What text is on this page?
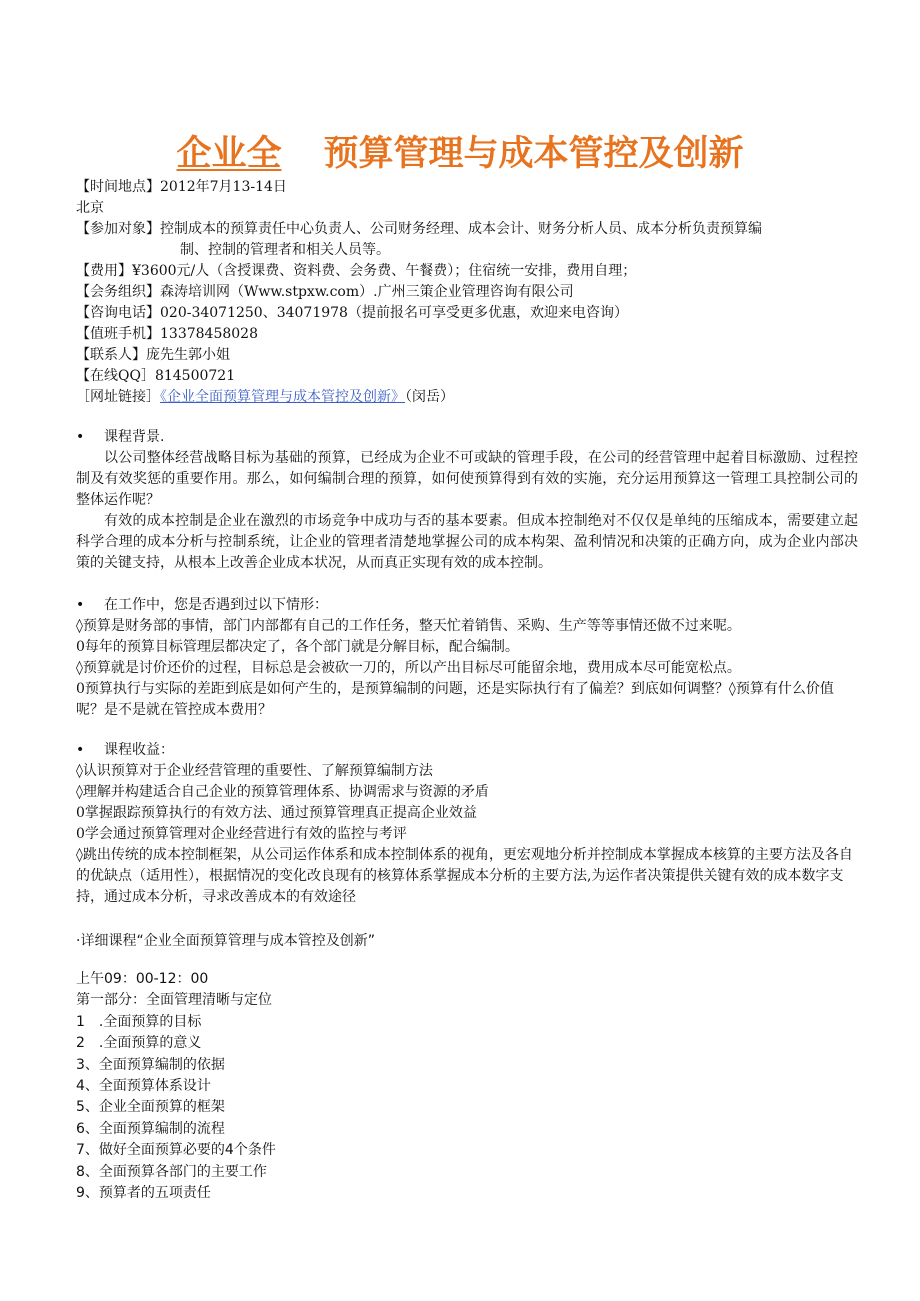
企业全 预算管理与成本管控及创新

【时间地点】2012年7月13-14日

北京

【参加对象】控制成本的预算责任中心负责人、公司财务经理、成本会计、财务分析人员、成本分析负责预算编

制、控制的管理者和相关人员等。

【费用】¥3600元/人（含授课费、资料费、会务费、午餐费）；住宿统一安排，费用自理；

【会务组织】森涛培训网（Www.stpxw.com）.广州三策企业管理咨询有限公司

【咨询电话】020-34071250、34071978（提前报名可享受更多优惠，欢迎来电咨询）

【值班手机】13378458028

【联系人】庞先生郭小姐

【在线QQ］814500721

［网址链接］《企业全面预算管理与成本管控及创新》（闵岳）

• 课程背景.

以公司整体经营战略目标为基础的预算，已经成为企业不可或缺的管理手段，在公司的经营管理中起着目标激励、过程控制及有效奖惩的重要作用。那么，如何编制合理的预算，如何使预算得到有效的实施，充分运用预算这一管理工具控制公司的整体运作呢？

有效的成本控制是企业在激烈的市场竞争中成功与否的基本要素。但成本控制绝对不仅仅是单纯的压缩成本，需要建立起科学合理的成本分析与控制系统，让企业的管理者清楚地掌握公司的成本构架、盈利情况和决策的正确方向，成为企业内部决策的关键支持，从根本上改善企业成本状况，从而真正实现有效的成本控制。

• 在工作中，您是否遇到过以下情形：

◊预算是财务部的事情，部门内部都有自己的工作任务，整天忙着销售、采购、生产等等事情还做不过来呢。

0每年的预算目标管理层都决定了，各个部门就是分解目标，配合编制。

◊预算就是讨价还价的过程，目标总是会被砍一刀的，所以产出目标尽可能留余地，费用成本尽可能宽松点。

0预算执行与实际的差距到底是如何产生的，是预算编制的问题，还是实际执行有了偏差？到底如何调整？◊预算有什么价值呢？是不是就在管控成本费用？

• 课程收益：

◊认识预算对于企业经营管理的重要性、了解预算编制方法

◊理解并构建适合自己企业的预算管理体系、协调需求与资源的矛盾

0掌握跟踪预算执行的有效方法、通过预算管理真正提高企业效益

0学会通过预算管理对企业经营进行有效的监控与考评

◊跳出传统的成本控制框架，从公司运作体系和成本控制体系的视角，更宏观地分析并控制成本掌握成本核算的主要方法及各自的优缺点（适用性），根据情况的变化改良现有的核算体系掌握成本分析的主要方法,为运作者决策提供关键有效的成本数字支持，通过成本分析，寻求改善成本的有效途径

·详细课程“企业全面预算管理与成本管控及创新”

上午09：00-12：00

第一部分：全面管理清晰与定位

1　.全面预算的目标

2　.全面预算的意义

3、全面预算编制的依据

4、全面预算体系设计

5、企业全面预算的框架

6、全面预算编制的流程

7、做好全面预算必要的4个条件

8、全面预算各部门的主要工作

9、预算者的五项责任
